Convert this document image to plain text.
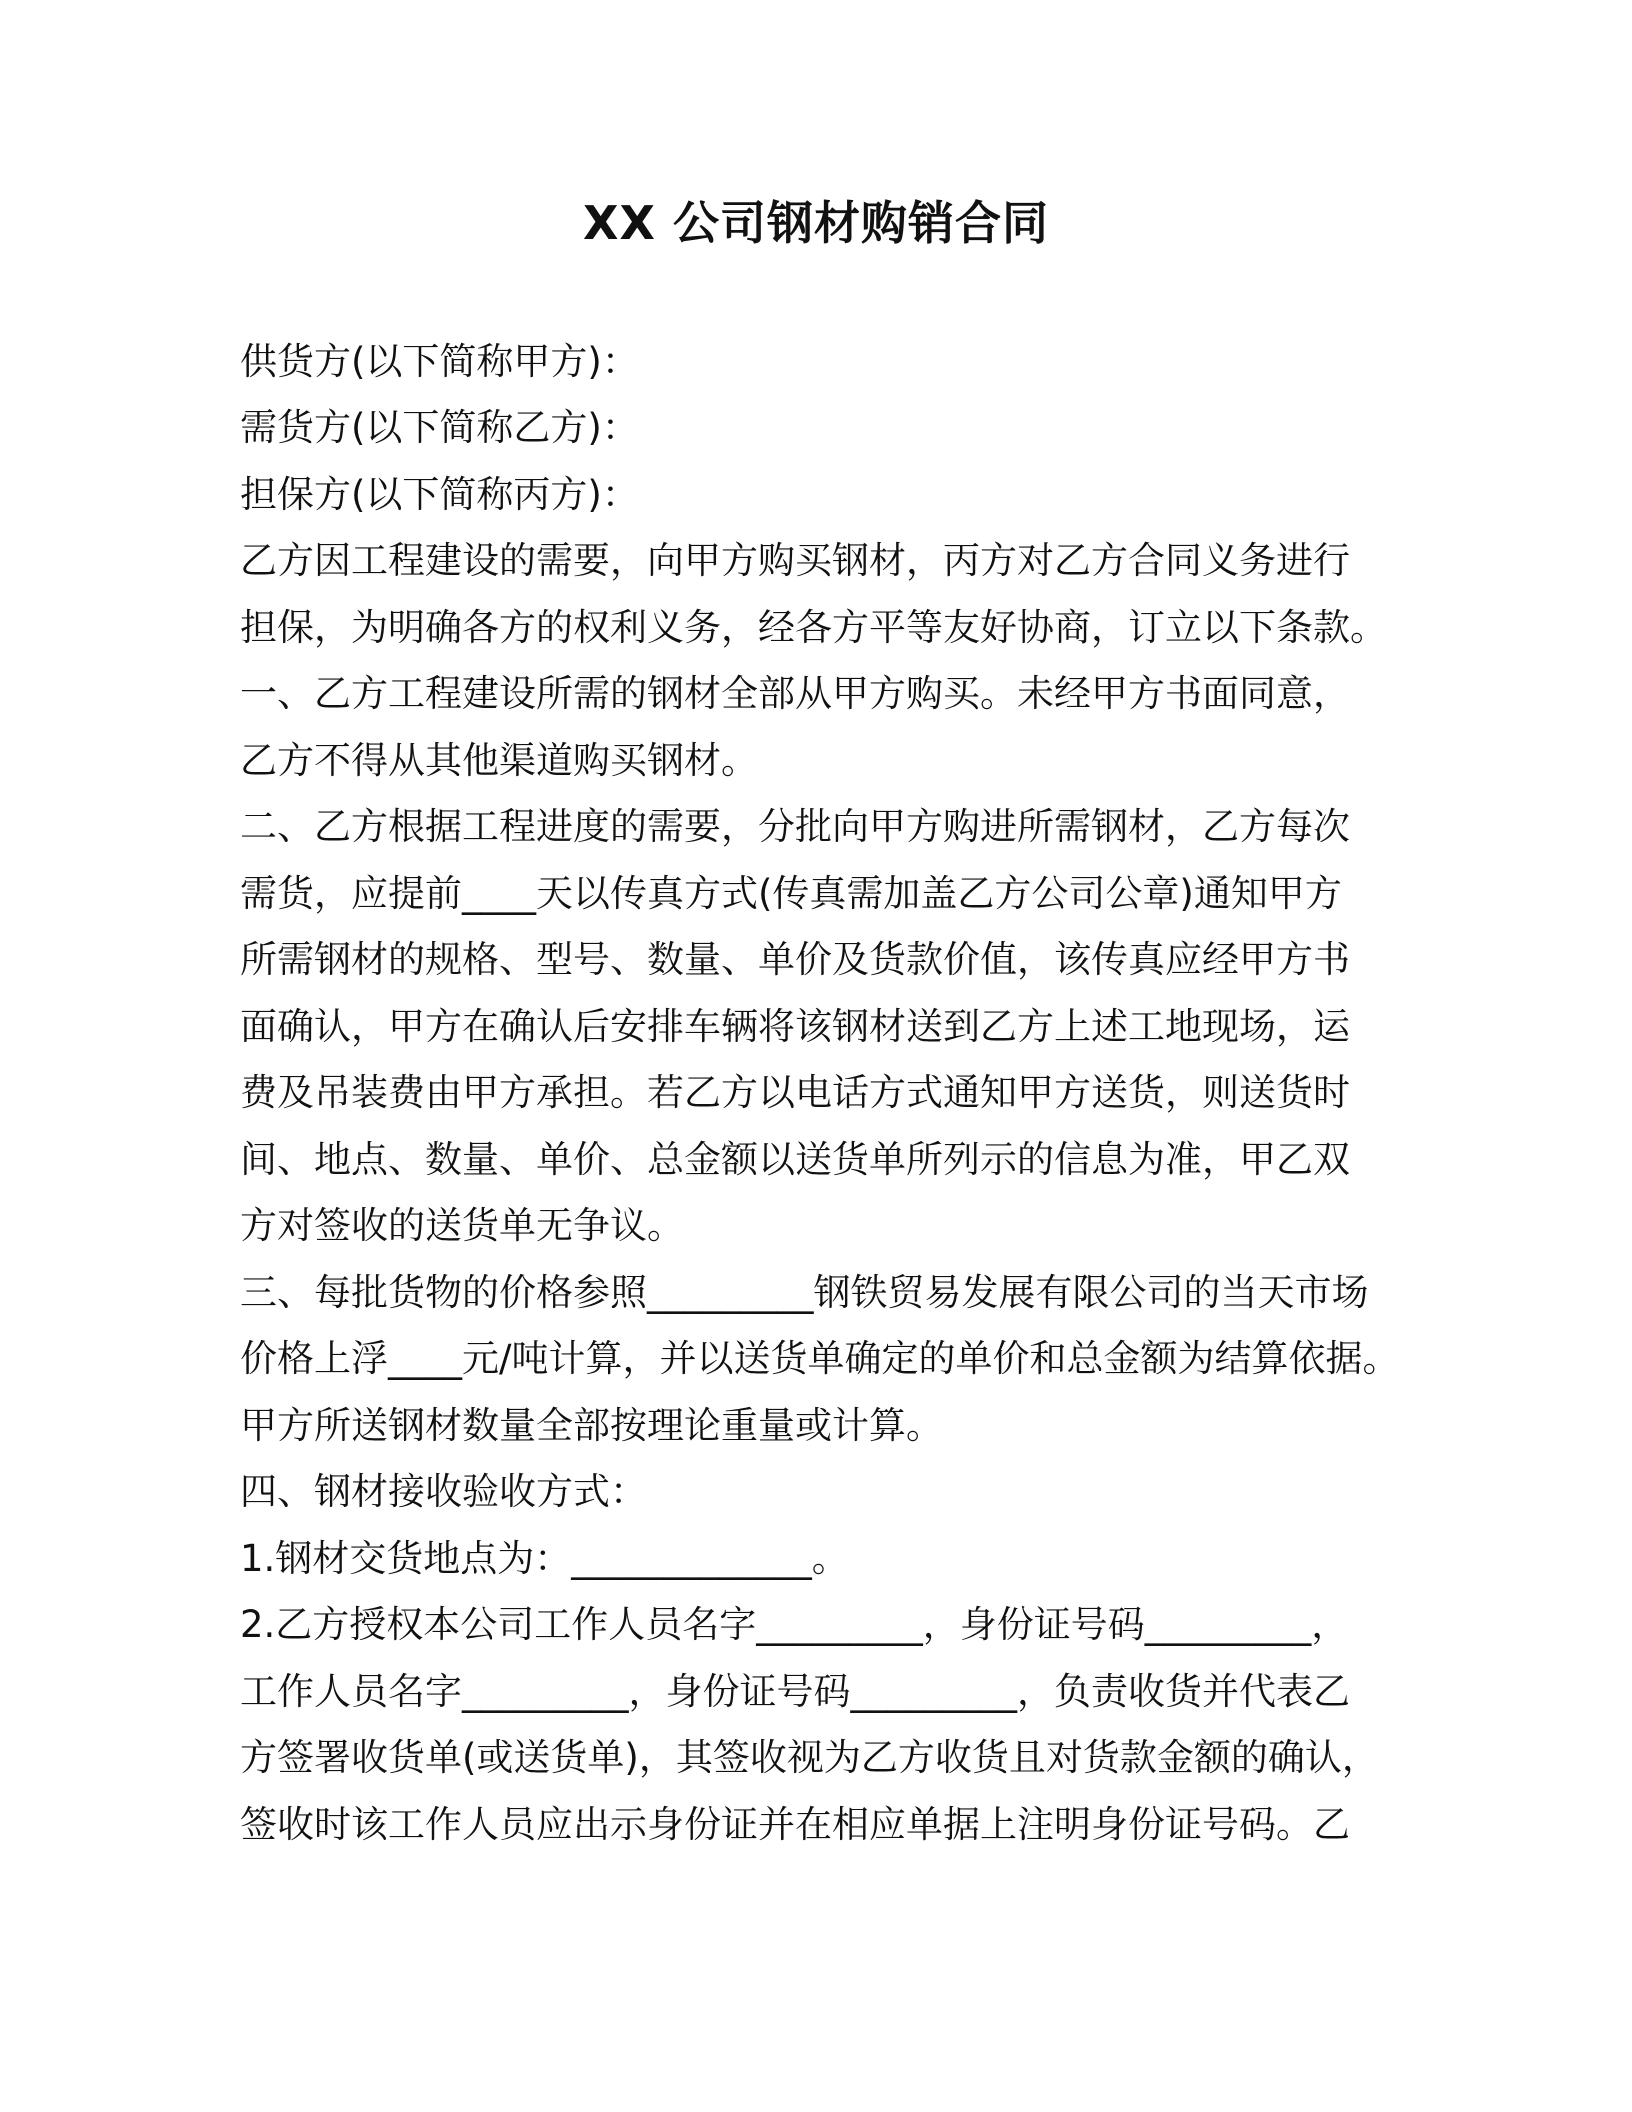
XX 公司钢材购销合同
供货方(以下简称甲方)：
需货方(以下简称乙方)：
担保方(以下简称丙方)：
乙方因工程建设的需要，向甲方购买钢材，丙方对乙方合同义务进行
担保，为明确各方的权利义务，经各方平等友好协商，订立以下条款。
一、乙方工程建设所需的钢材全部从甲方购买。未经甲方书面同意，
乙方不得从其他渠道购买钢材。
二、乙方根据工程进度的需要，分批向甲方购进所需钢材，乙方每次
需货，应提前____天以传真方式(传真需加盖乙方公司公章)通知甲方
所需钢材的规格、型号、数量、单价及货款价值，该传真应经甲方书
面确认，甲方在确认后安排车辆将该钢材送到乙方上述工地现场，运
费及吊装费由甲方承担。若乙方以电话方式通知甲方送货，则送货时
间、地点、数量、单价、总金额以送货单所列示的信息为准，甲乙双
方对签收的送货单无争议。
三、每批货物的价格参照_________钢铁贸易发展有限公司的当天市场
价格上浮____元/吨计算，并以送货单确定的单价和总金额为结算依据。
甲方所送钢材数量全部按理论重量或计算。
四、钢材接收验收方式：
1.钢材交货地点为：_____________。
2.乙方授权本公司工作人员名字_________，身份证号码_________，
工作人员名字_________，身份证号码_________，负责收货并代表乙
方签署收货单(或送货单)，其签收视为乙方收货且对货款金额的确认，
签收时该工作人员应出示身份证并在相应单据上注明身份证号码。乙
